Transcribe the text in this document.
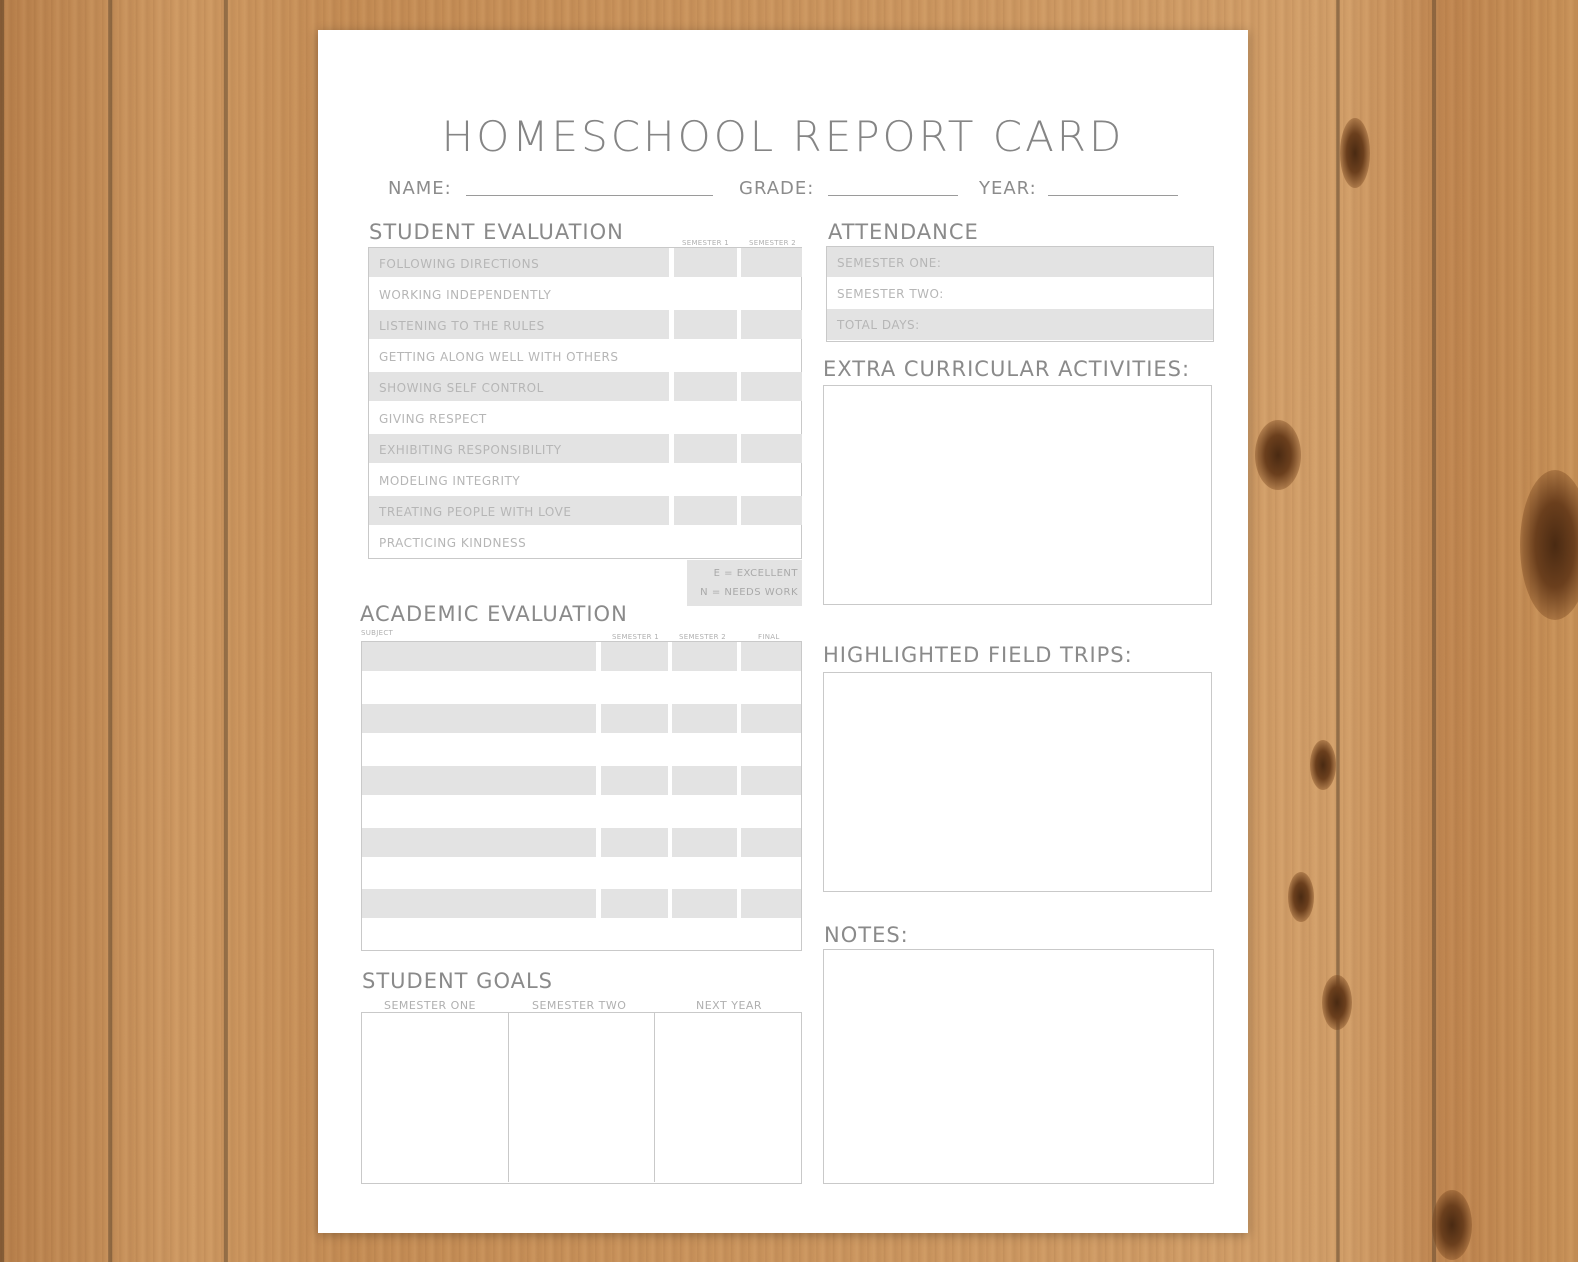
HOMESCHOOL REPORT CARD
NAME:	GRADE:	YEAR:
STUDENT EVALUATION	SEMESTER 1	SEMESTER 2
FOLLOWING DIRECTIONS
WORKING INDEPENDENTLY
LISTENING TO THE RULES
GETTING ALONG WELL WITH OTHERS
SHOWING SELF CONTROL
GIVING RESPECT
EXHIBITING RESPONSIBILITY
MODELING INTEGRITY
TREATING PEOPLE WITH LOVE
PRACTICING KINDNESS
E = EXCELLENT
N = NEEDS WORK
ATTENDANCE
SEMESTER ONE:
SEMESTER TWO:
TOTAL DAYS:
EXTRA CURRICULAR ACTIVITIES:
ACADEMIC EVALUATION
SUBJECT	SEMESTER 1	SEMESTER 2	FINAL
HIGHLIGHTED FIELD TRIPS:
STUDENT GOALS
SEMESTER ONE	SEMESTER TWO	NEXT YEAR
NOTES:
